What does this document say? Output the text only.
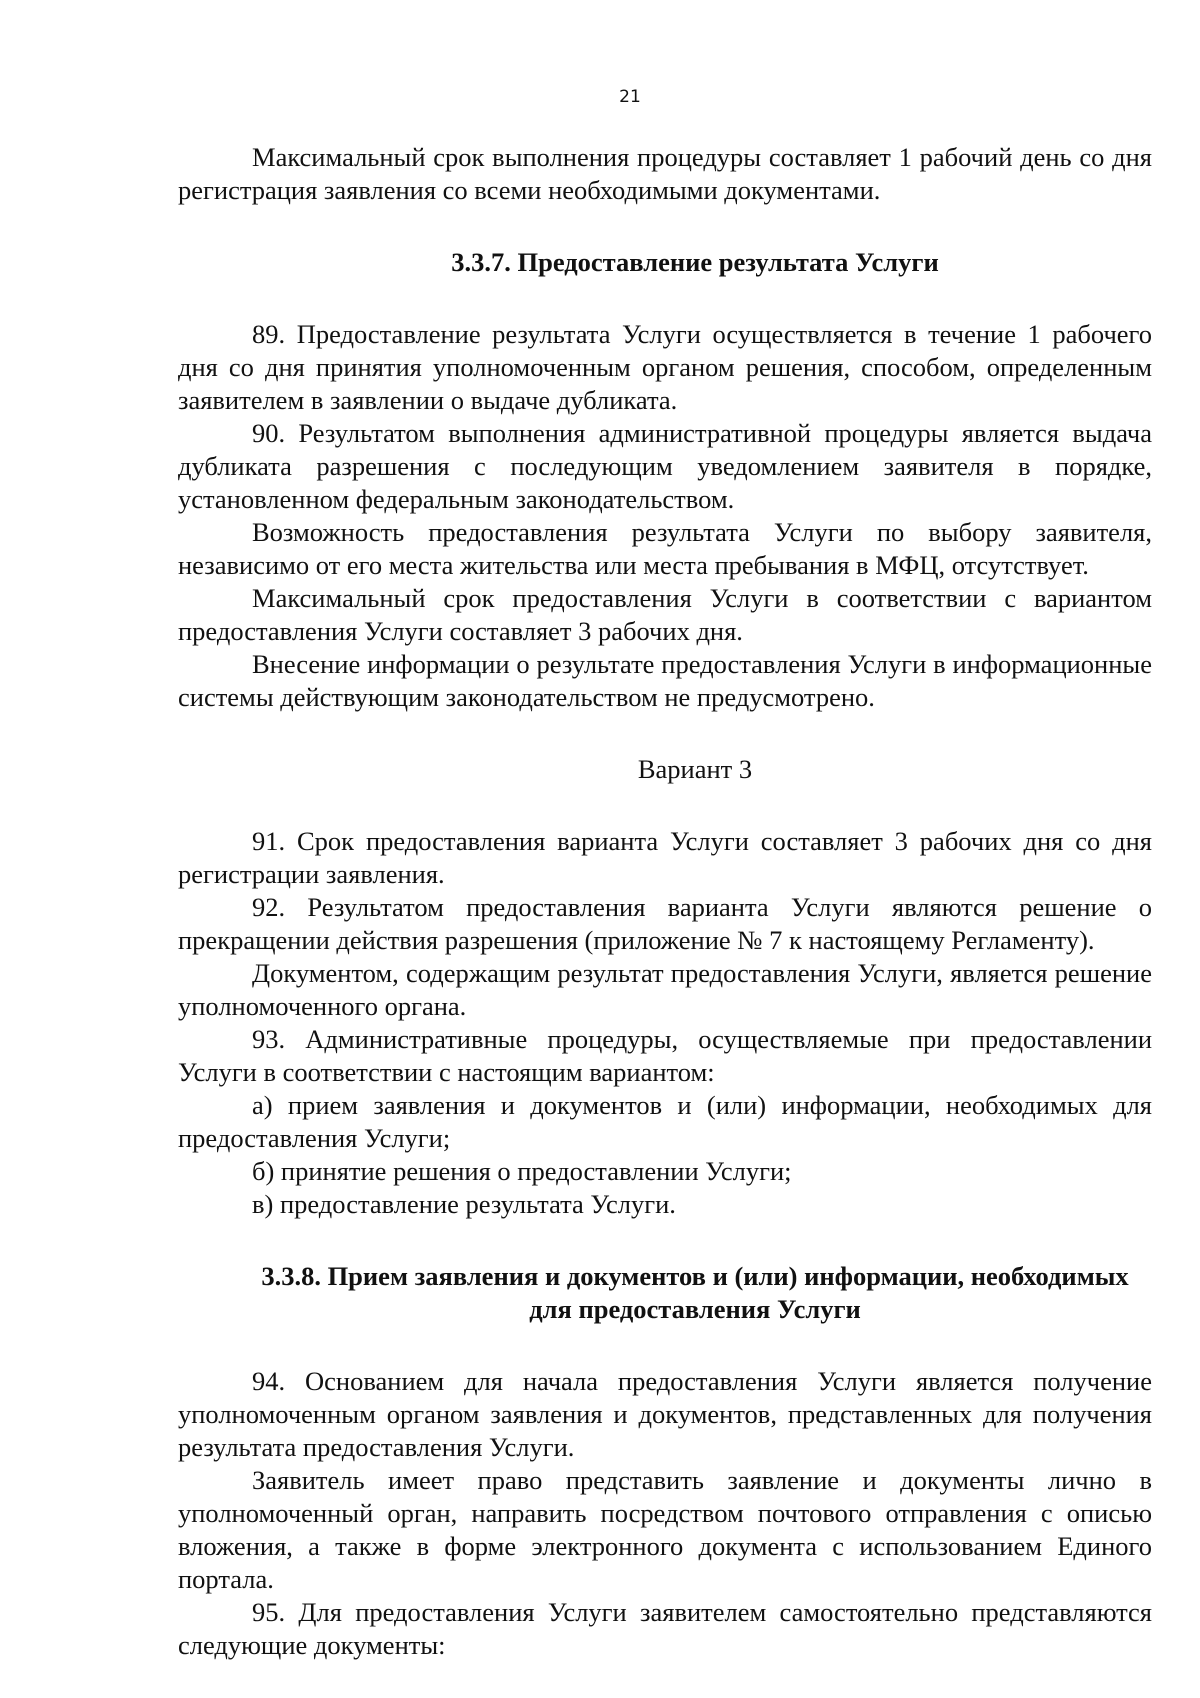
21

Максимальный срок выполнения процедуры составляет 1 рабочий день со дня регистрация заявления со всеми необходимыми документами.

3.3.7. Предоставление результата Услуги

89. Предоставление результата Услуги осуществляется в течение 1 рабочего дня со дня принятия уполномоченным органом решения, способом, определенным заявителем в заявлении о выдаче дубликата.

90. Результатом выполнения административной процедуры является выдача дубликата разрешения с последующим уведомлением заявителя в порядке, установленном федеральным законодательством.

Возможность предоставления результата Услуги по выбору заявителя, независимо от его места жительства или места пребывания в МФЦ, отсутствует.

Максимальный срок предоставления Услуги в соответствии с вариантом предоставления Услуги составляет 3 рабочих дня.

Внесение информации о результате предоставления Услуги в информационные системы действующим законодательством не предусмотрено.

Вариант 3

91. Срок предоставления варианта Услуги составляет 3 рабочих дня со дня регистрации заявления.

92. Результатом предоставления варианта Услуги являются решение о прекращении действия разрешения (приложение № 7 к настоящему Регламенту).

Документом, содержащим результат предоставления Услуги, является решение уполномоченного органа.

93. Административные процедуры, осуществляемые при предоставлении Услуги в соответствии с настоящим вариантом:

а) прием заявления и документов и (или) информации, необходимых для предоставления Услуги;

б) принятие решения о предоставлении Услуги;

в) предоставление результата Услуги.

3.3.8. Прием заявления и документов и (или) информации, необходимых для предоставления Услуги

94. Основанием для начала предоставления Услуги является получение уполномоченным органом заявления и документов, представленных для получения результата предоставления Услуги.

Заявитель имеет право представить заявление и документы лично в уполномоченный орган, направить посредством почтового отправления с описью вложения, а также в форме электронного документа с использованием Единого портала.

95. Для предоставления Услуги заявителем самостоятельно представляются следующие документы:
